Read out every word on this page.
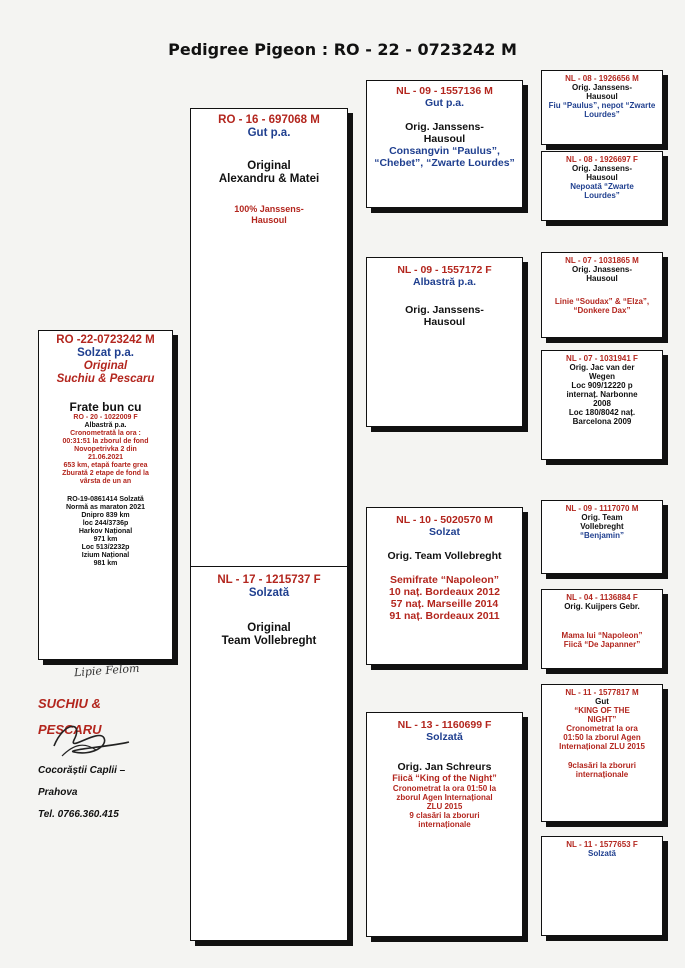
Pedigree Pigeon : RO - 22 - 0723242 M
RO -22-0723242 M
Solzat p.a.
Original
Suchiu & Pescaru
Frate bun cu
RO - 20 - 1022009 F
Albastră p.a.
Cronometrată la ora :
00:31:51 la zborul de fond
Novopetrivka 2 din
21.06.2021
653 km, etapă foarte grea
Zburată 2 etape de fond la
vârsta de un an
RO-19-0861414 Solzată
Normă as maraton 2021
Dnipro 839 km
loc 244/3736p
Harkov Național
971 km
Loc 513/2232p
Izium Național
981 km
RO - 16 - 697068 M
Gut p.a.
Original
Alexandru & Matei
100% Janssens-Hausoul
NL - 17 - 1215737 F
Solzată
Original
Team Vollebreght
NL - 09 - 1557136 M
Gut p.a.
Orig. Janssens-Hausoul
Consangvin “Paulus”, “Chebet”, “Zwarte Lourdes”
NL - 09 - 1557172 F
Albastră p.a.
Orig. Janssens-Hausoul
NL - 10 - 5020570 M
Solzat
Orig. Team Vollebreght
Semifrate “Napoleon”
10 naț. Bordeaux 2012
57 naț. Marseille 2014
91 naț. Bordeaux 2011
NL - 13 - 1160699 F
Solzată
Orig. Jan Schreurs
Fiică “King of the Night”
Cronometrat la ora 01:50 la
zborul Agen Internațional
ZLU 2015
9 clasări la zboruri internaționale
NL - 08 - 1926656 M
Orig. Janssens-Hausoul
Fiu “Paulus”, nepot “Zwarte Lourdes”
NL - 08 - 1926697 F
Orig. Janssens-Hausoul
Nepoată “Zwarte Lourdes”
NL - 07 - 1031865 M
Orig. Jnassens-Hausoul
Linie “Soudax” & “Elza”, “Donkere Dax”
NL - 07 - 1031941 F
Orig. Jac van der Wegen
Loc 909/12220 p
internaț. Narbonne
2008
Loc 180/8042 naț.
Barcelona 2009
NL - 09 - 1117070 M
Orig. Team Vollebreght
“Benjamin”
NL - 04 - 1136884 F
Orig. Kuijpers Gebr.
Mama lui “Napoleon”
Fiică “De Japanner”
NL - 11 - 1577817 M
Gut
“KING OF THE NIGHT”
Cronometrat la ora
01:50 la zborul Agen
Internațional ZLU 2015
9clasări la zboruri internaționale
NL - 11 - 1577653 F
Solzată
Lipie Felom
SUCHIU &
PESCARU
Cocorăștii Caplii –
Prahova
Tel. 0766.360.415
